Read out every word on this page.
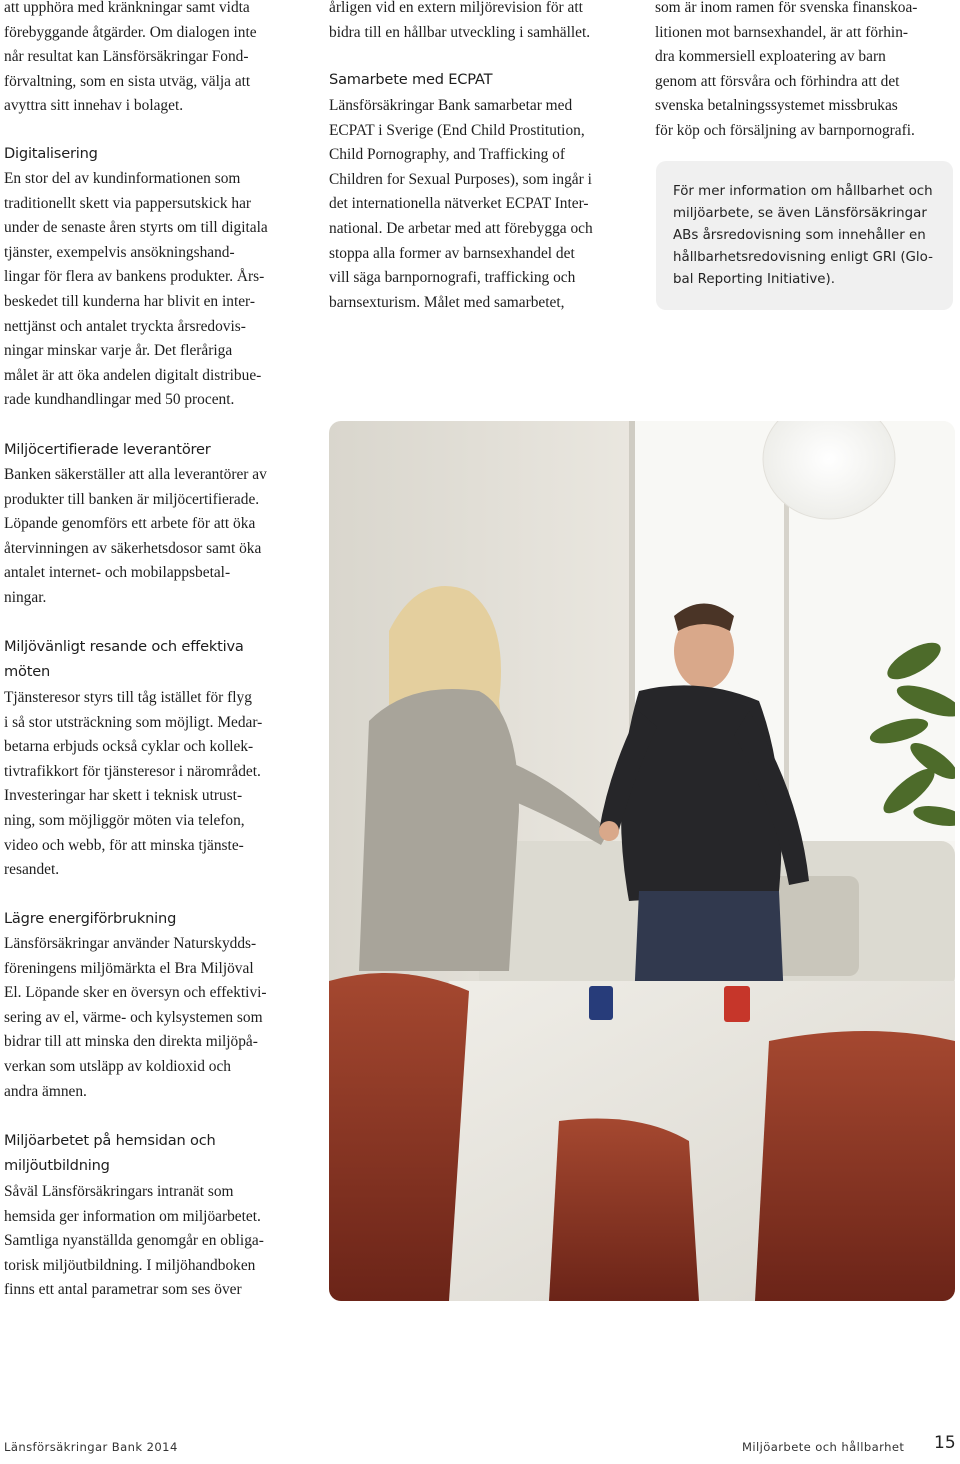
att upphöra med kränkningar samt vidta
förebyggande åtgärder. Om dialogen inte
når resultat kan Länsförsäkringar Fond-
förvaltning, som en sista utväg, välja att
avyttra sitt innehav i bolaget.

Digitalisering

En stor del av kundinformationen som
traditionellt skett via pappersutskick har
under de senaste åren styrts om till digitala
tjänster, exempelvis ansökningshand-
lingar för flera av bankens produkter. Års-
beskedet till kunderna har blivit en inter-
nettjänst och antalet tryckta årsredovis-
ningar minskar varje år. Det fleråriga
målet är att öka andelen digitalt distribue-
rade kundhandlingar med 50 procent.

Miljöcertifierade leverantörer

Banken säkerställer att alla leverantörer av
produkter till banken är miljöcertifierade.
Löpande genomförs ett arbete för att öka
återvinningen av säkerhetsdosor samt öka
antalet internet- och mobilappsbetal-
ningar.

Miljövänligt resande och effektiva
möten

Tjänsteresor styrs till tåg istället för flyg
i så stor utsträckning som möjligt. Medar-
betarna erbjuds också cyklar och kollek-
tivtrafikkort för tjänsteresor i närområdet.
Investeringar har skett i teknisk utrust-
ning, som möjliggör möten via telefon,
video och webb, för att minska tjänste-
resandet.

Lägre energiförbrukning

Länsförsäkringar använder Naturskydds-
föreningens miljömärkta el Bra Miljöval
El. Löpande sker en översyn och effektivi-
sering av el, värme- och kylsystemen som
bidrar till att minska den direkta miljöpå-
verkan som utsläpp av koldioxid och
andra ämnen.

Miljöarbetet på hemsidan och
miljöutbildning

Såväl Länsförsäkringars intranät som
hemsida ger information om miljöarbetet.
Samtliga nyanställda genomgår en obliga-
torisk miljöutbildning. I miljöhandboken
finns ett antal parametrar som ses över

årligen vid en extern miljörevision för att
bidra till en hållbar utveckling i samhället.

Samarbete med ECPAT

Länsförsäkringar Bank samarbetar med
ECPAT i Sverige (End Child Prostitution,
Child Pornography, and Trafficking of
Children for Sexual Purposes), som ingår i
det internationella nätverket ECPAT Inter-
national. De arbetar med att förebygga och
stoppa alla former av barnsexhandel det
vill säga barnpornografi, trafficking och
barnsexturism. Målet med samarbetet,

som är inom ramen för svenska finanskoa-
litionen mot barnsexhandel, är att förhin-
dra kommersiell exploatering av barn
genom att försvåra och förhindra att det
svenska betalningssystemet missbrukas
för köp och försäljning av barnpornografi.

För mer information om hållbarhet och
miljöarbete, se även Länsförsäkringar
ABs årsredovisning som innehåller en
hållbarhetsredovisning enligt GRI (Glo-
bal Reporting Initiative).
Länsförsäkringar Bank 2014	Miljöarbete och hållbarhet 15
